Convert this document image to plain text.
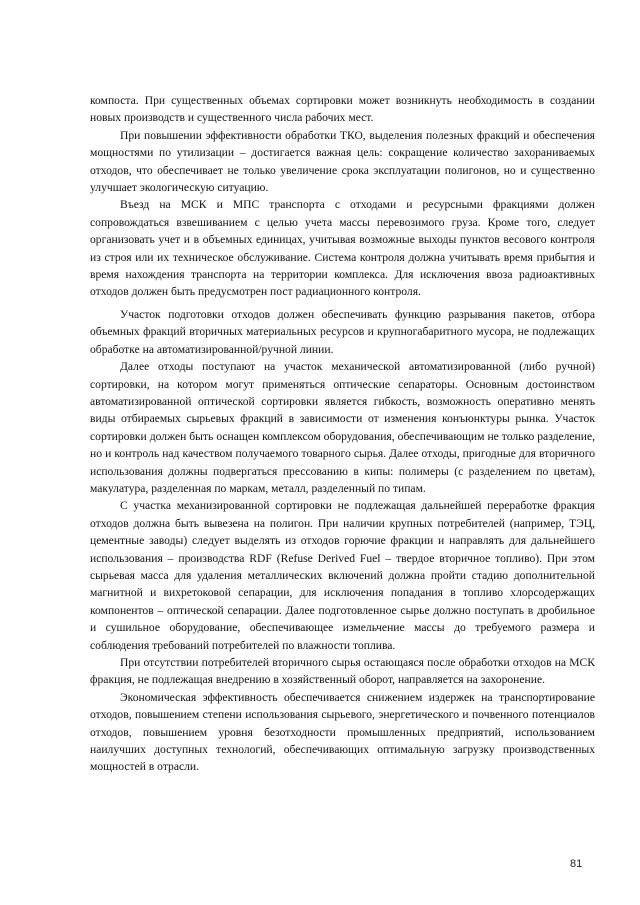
компоста. При существенных объемах сортировки может возникнуть необходимость в создании новых производств и существенного числа рабочих мест.

При повышении эффективности обработки ТКО, выделения полезных фракций и обеспечения мощностями по утилизации – достигается важная цель: сокращение количество захораниваемых отходов, что обеспечивает не только увеличение срока эксплуатации полигонов, но и существенно улучшает экологическую ситуацию.

Въезд на МСК и МПС транспорта с отходами и ресурсными фракциями должен сопровождаться взвешиванием с целью учета массы перевозимого груза. Кроме того, следует организовать учет и в объемных единицах, учитывая возможные выходы пунктов весового контроля из строя или их техническое обслуживание. Система контроля должна учитывать время прибытия и время нахождения транспорта на территории комплекса. Для исключения ввоза радиоактивных отходов должен быть предусмотрен пост радиационного контроля.

Участок подготовки отходов должен обеспечивать функцию разрывания пакетов, отбора объемных фракций вторичных материальных ресурсов и крупногабаритного мусора, не подлежащих обработке на автоматизированной/ручной линии.

Далее отходы поступают на участок механической автоматизированной (либо ручной) сортировки, на котором могут применяться оптические сепараторы. Основным достоинством автоматизированной оптической сортировки является гибкость, возможность оперативно менять виды отбираемых сырьевых фракций в зависимости от изменения конъюнктуры рынка. Участок сортировки должен быть оснащен комплексом оборудования, обеспечивающим не только разделение, но и контроль над качеством получаемого товарного сырья. Далее отходы, пригодные для вторичного использования должны подвергаться прессованию в кипы: полимеры (с разделением по цветам), макулатура, разделенная по маркам, металл, разделенный по типам.

С участка механизированной сортировки не подлежащая дальнейшей переработке фракция отходов должна быть вывезена на полигон. При наличии крупных потребителей (например, ТЭЦ, цементные заводы) следует выделять из отходов горючие фракции и направлять для дальнейшего использования – производства RDF (Refuse Derived Fuel – твердое вторичное топливо). При этом сырьевая масса для удаления металлических включений должна пройти стадию дополнительной магнитной и вихретоковой сепарации, для исключения попадания в топливо хлорсодержащих компонентов – оптической сепарации. Далее подготовленное сырье должно поступать в дробильное и сушильное оборудование, обеспечивающее измельчение массы до требуемого размера и соблюдения требований потребителей по влажности топлива.

При отсутствии потребителей вторичного сырья остающаяся после обработки отходов на МСК фракция, не подлежащая внедрению в хозяйственный оборот, направляется на захоронение.

Экономическая эффективность обеспечивается снижением издержек на транспортирование отходов, повышением степени использования сырьевого, энергетического и почвенного потенциалов отходов, повышением уровня безотходности промышленных предприятий, использованием наилучших доступных технологий, обеспечивающих оптимальную загрузку производственных мощностей в отрасли.

81
